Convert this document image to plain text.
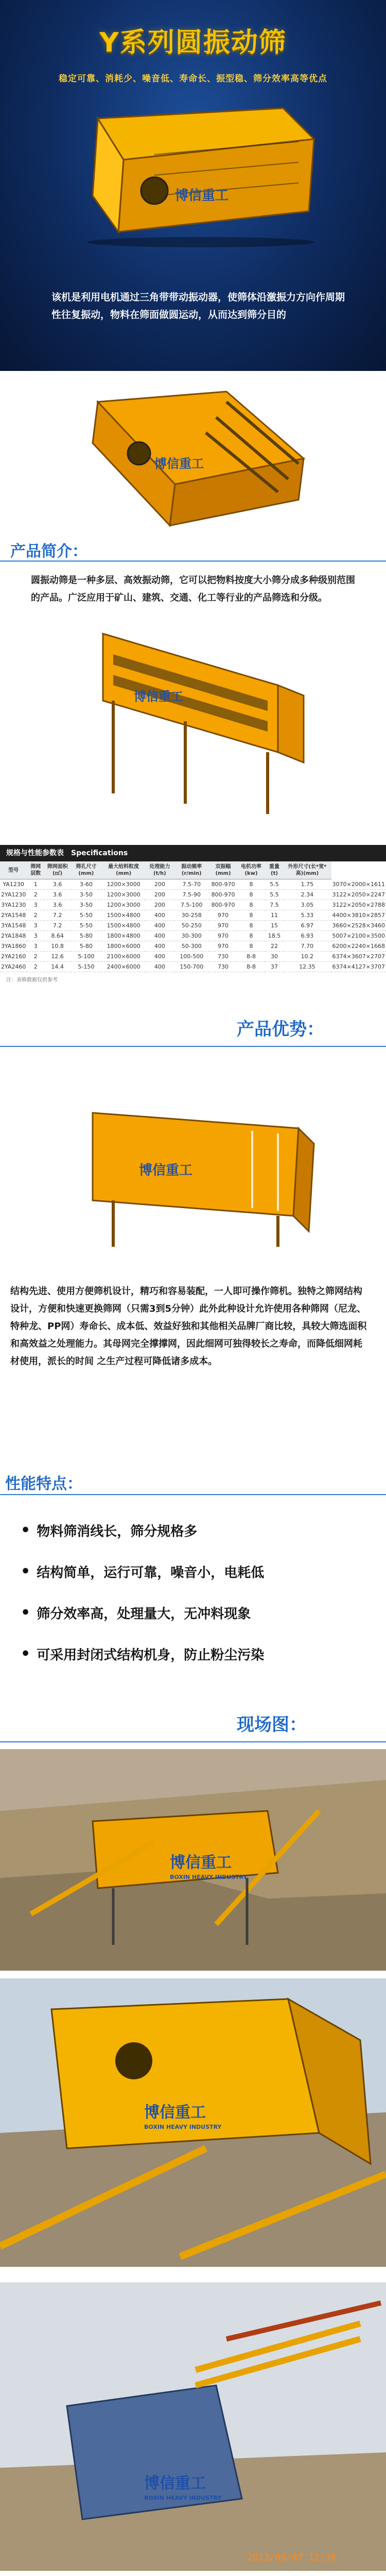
Y系列圆振动筛
稳定可靠、消耗少、噪音低、寿命长、振型稳、筛分效率高等优点
博信重工
该机是利用电机通过三角带带动振动器，使筛体沿激振力方向作周期性往复振动，物料在筛面做圆运动，从而达到筛分目的
博信重工
产品简介：
圆振动筛是一种多层、高效振动筛，它可以把物料按度大小筛分成多种级别范围的产品。广泛应用于矿山、建筑、交通、化工等行业的产品筛选和分级。
博信重工
规格与性能参数表　Specifications
型号	筛网层数	筛网面积(㎡)	筛孔尺寸(mm)	最大给料粒度(mm)	处理能力(t/h)	振动频率(r/min)	双振幅(mm)	电机功率(kw)	重量(t)	外形尺寸(长*宽*高)(mm)	
YA1230	1	3.6	3-60	1200×3000	200	7.5-70	800-970	8	5.5	1.75	3070×2000×1611
2YA1230	2	3.6	3-50	1200×3000	200	7.5-90	800-970	8	5.5	2.34	3122×2050×2247
3YA1230	3	3.6	3-50	1200×3000	200	7.5-100	800-970	8	7.5	3.05	3122×2050×2788
2YA1548	2	7.2	5-50	1500×4800	400	30-258	970	8	11	5.33	4400×3810×2857
3YA1548	3	7.2	5-50	1500×4800	400	50-250	970	8	15	6.97	3660×2528×3460
2YA1848	3	8.64	5-80	1800×4800	400	30-300	970	8	18.5	6.93	5007×2100×3500
3YA1860	3	10.8	5-80	1800×6000	400	50-300	970	8	22	7.70	6200×2240×1668
2YA2160	2	12.6	5-100	2100×6000	400	100-500	730	8-8	30	10.2	6374×3607×2707
2YA2460	2	14.4	5-150	2400×6000	400	150-700	730	8-8	37	12.35	6374×4127×3707
注：表格数据仅供参考
产品优势：
博信重工
结构先进、使用方便筛机设计，精巧和容易装配，一人即可操作筛机。独特之筛网结构设计，方便和快速更换筛网（只需3到5分钟）此外此种设计允许使用各种筛网（尼龙、特种龙、PP网）寿命长、成本低、效益好独和其他相关品牌厂商比较，具较大筛选面积和高效益之处理能力。其母网完全撑撑网，因此细网可独得较长之寿命，而降低细网耗材使用，派长的时间 之生产过程可降低诸多成本。
性能特点：
• 物料筛消线长，筛分规格多
• 结构简单，运行可靠，噪音小，电耗低
• 筛分效率高，处理量大，无冲料现象
• 可采用封闭式结构机身，防止粉尘污染
现场图：
博信重工
BOXIN HEAVY INDUSTRY
博信重工
BOXIN HEAVY INDUSTRY
博信重工
BOXIN HEAVY INDUSTRY
2013/05/07 12:36
